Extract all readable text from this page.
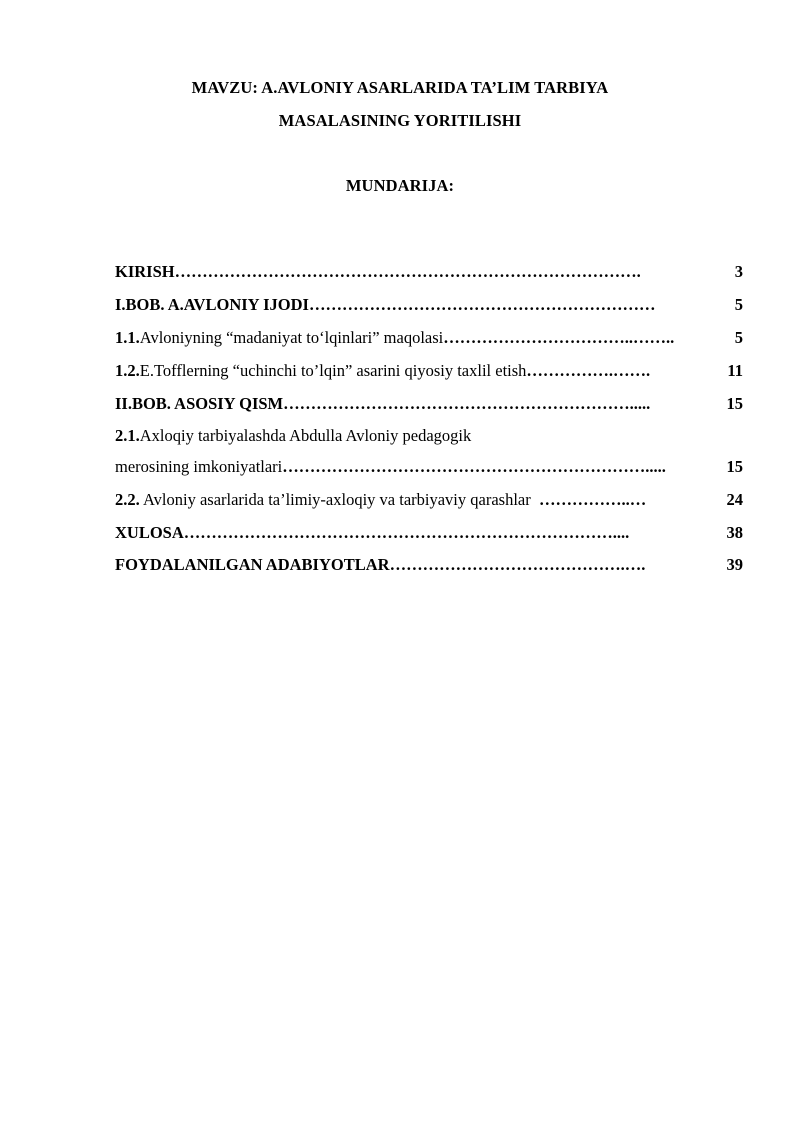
MAVZU: A.AVLONIY ASARLARIDA TA’LIM TARBIYA
MASALASINING YORITILISHI
MUNDARIJA:
KIRISH ………………………………………………………………………….	3
I.BOB. A.AVLONIY IJODI ………………………………………………………	5
1.1. Avloniyning “madaniyat to‘lqinlari” maqolasi ……………………………..……..	5
1.2. E.Tofflerning “uchinchi to’lqin” asarini qiyosiy taxlil etish …………….…….	11
II.BOB. ASOSIY QISM ……………………………………………………….....	15
2.1. Axloqiy tarbiyalashda Abdulla Avloniy pedagogik
merosining imkoniyatlari ………………………………………………………….....	15
2.2. Avloniy asarlarida ta’limiy-axloqiy va tarbiyaviy qarashlar ……………..…	24
XULOSA ……………………………………………………………………....	38
FOYDALANILGAN ADABIYOTLAR …………………………………….….	39
